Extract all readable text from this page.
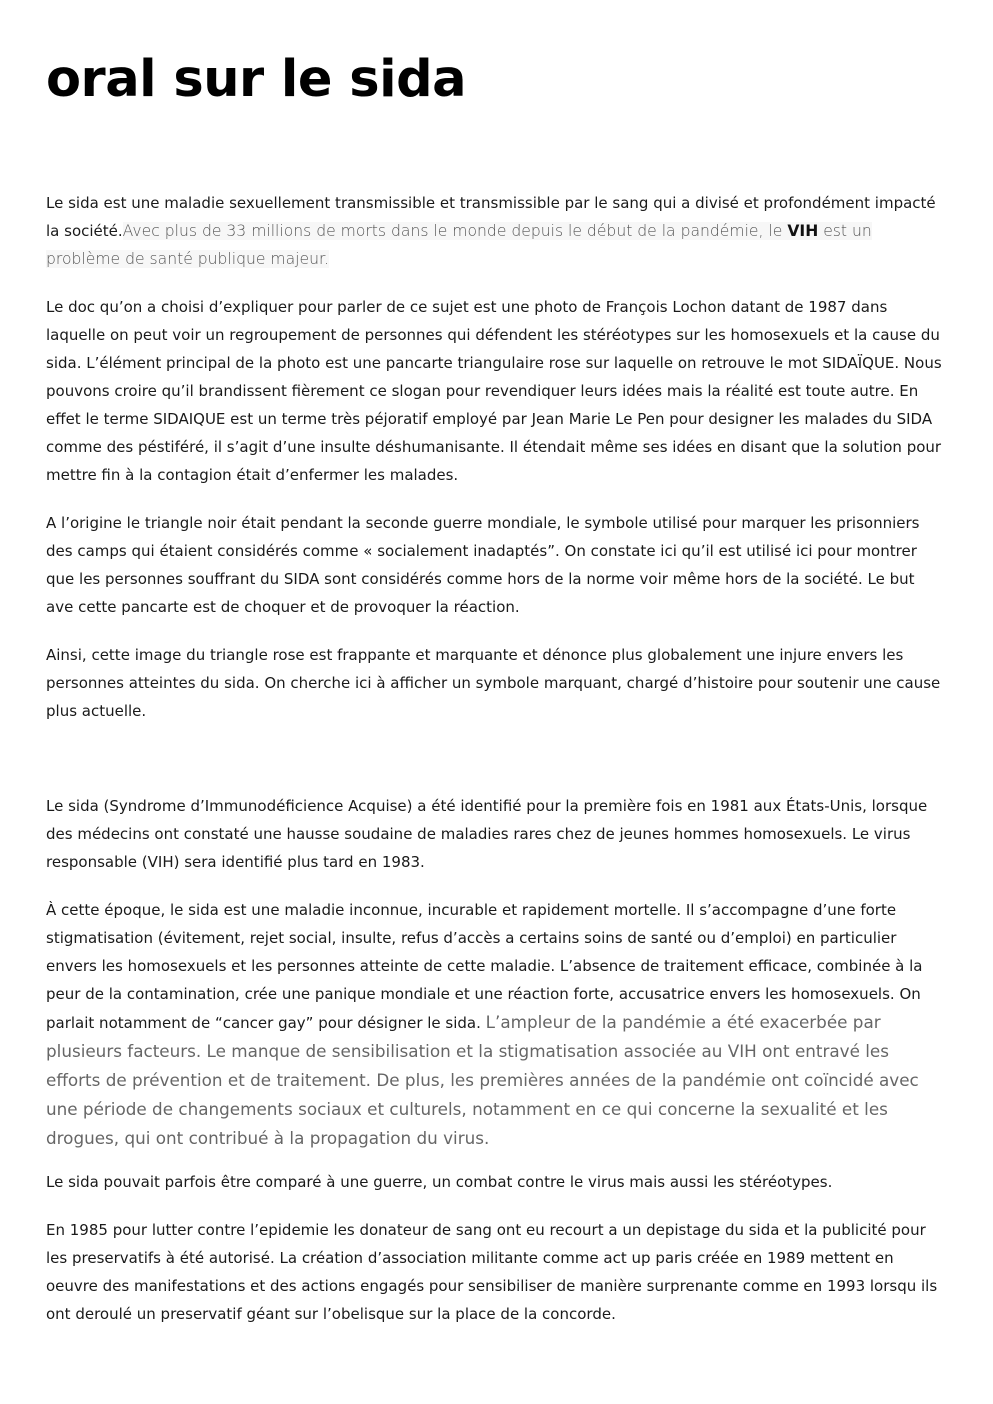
oral sur le sida

Le sida est une maladie sexuellement transmissible et transmissible par le sang qui a divisé et profondément impacté la société.Avec plus de 33 millions de morts dans le monde depuis le début de la pandémie, le VIH est un problème de santé publique majeur.

Le doc qu’on a choisi d’expliquer pour parler de ce sujet est une photo de François Lochon datant de 1987 dans laquelle on peut voir un regroupement de personnes qui défendent les stéréotypes sur les homosexuels et la cause du sida. L’élément principal de la photo est une pancarte triangulaire rose sur laquelle on retrouve le mot SIDAÏQUE. Nous pouvons croire qu’il brandissent fièrement ce slogan pour revendiquer leurs idées mais la réalité est toute autre. En effet le terme SIDAIQUE est un terme très péjoratif employé par Jean Marie Le Pen pour designer les malades du SIDA comme des péstiféré, il s’agit d’une insulte déshumanisante. Il étendait même ses idées en disant que la solution pour mettre fin à la contagion était d’enfermer les malades.

A l’origine le triangle noir était pendant la seconde guerre mondiale, le symbole utilisé pour marquer les prisonniers des camps qui étaient considérés comme « socialement inadaptés”. On constate ici qu’il est utilisé ici pour montrer que les personnes souffrant du SIDA sont considérés comme hors de la norme voir même hors de la société. Le but ave cette pancarte est de choquer et de provoquer la réaction.

Ainsi, cette image du triangle rose est frappante et marquante et dénonce plus globalement une injure envers les personnes atteintes du sida. On cherche ici à afficher un symbole marquant, chargé d’histoire pour soutenir une cause plus actuelle.

Le sida (Syndrome d’Immunodéficience Acquise) a été identifié pour la première fois en 1981 aux États-Unis, lorsque des médecins ont constaté une hausse soudaine de maladies rares chez de jeunes hommes homosexuels. Le virus responsable (VIH) sera identifié plus tard en 1983.

À cette époque, le sida est une maladie inconnue, incurable et rapidement mortelle. Il s’accompagne d’une forte stigmatisation (évitement, rejet social, insulte, refus d’accès a certains soins de santé ou d’emploi) en particulier envers les homosexuels et les personnes atteinte de cette maladie. L’absence de traitement efficace, combinée à la peur de la contamination, crée une panique mondiale et une réaction forte, accusatrice envers les homosexuels. On parlait notamment de “cancer gay” pour désigner le sida. L’ampleur de la pandémie a été exacerbée par plusieurs facteurs. Le manque de sensibilisation et la stigmatisation associée au VIH ont entravé les efforts de prévention et de traitement. De plus, les premières années de la pandémie ont coïncidé avec une période de changements sociaux et culturels, notamment en ce qui concerne la sexualité et les drogues, qui ont contribué à la propagation du virus.

Le sida pouvait parfois être comparé à une guerre, un combat contre le virus mais aussi les stéréotypes.

En 1985 pour lutter contre l’epidemie les donateur de sang ont eu recourt a un depistage du sida et la publicité pour les preservatifs à été autorisé. La création d’association militante comme act up paris créée en 1989 mettent en oeuvre des manifestations et des actions engagés pour sensibiliser de manière surprenante comme en 1993 lorsqu ils ont deroulé un preservatif géant sur l’obelisque sur la place de la concorde.
